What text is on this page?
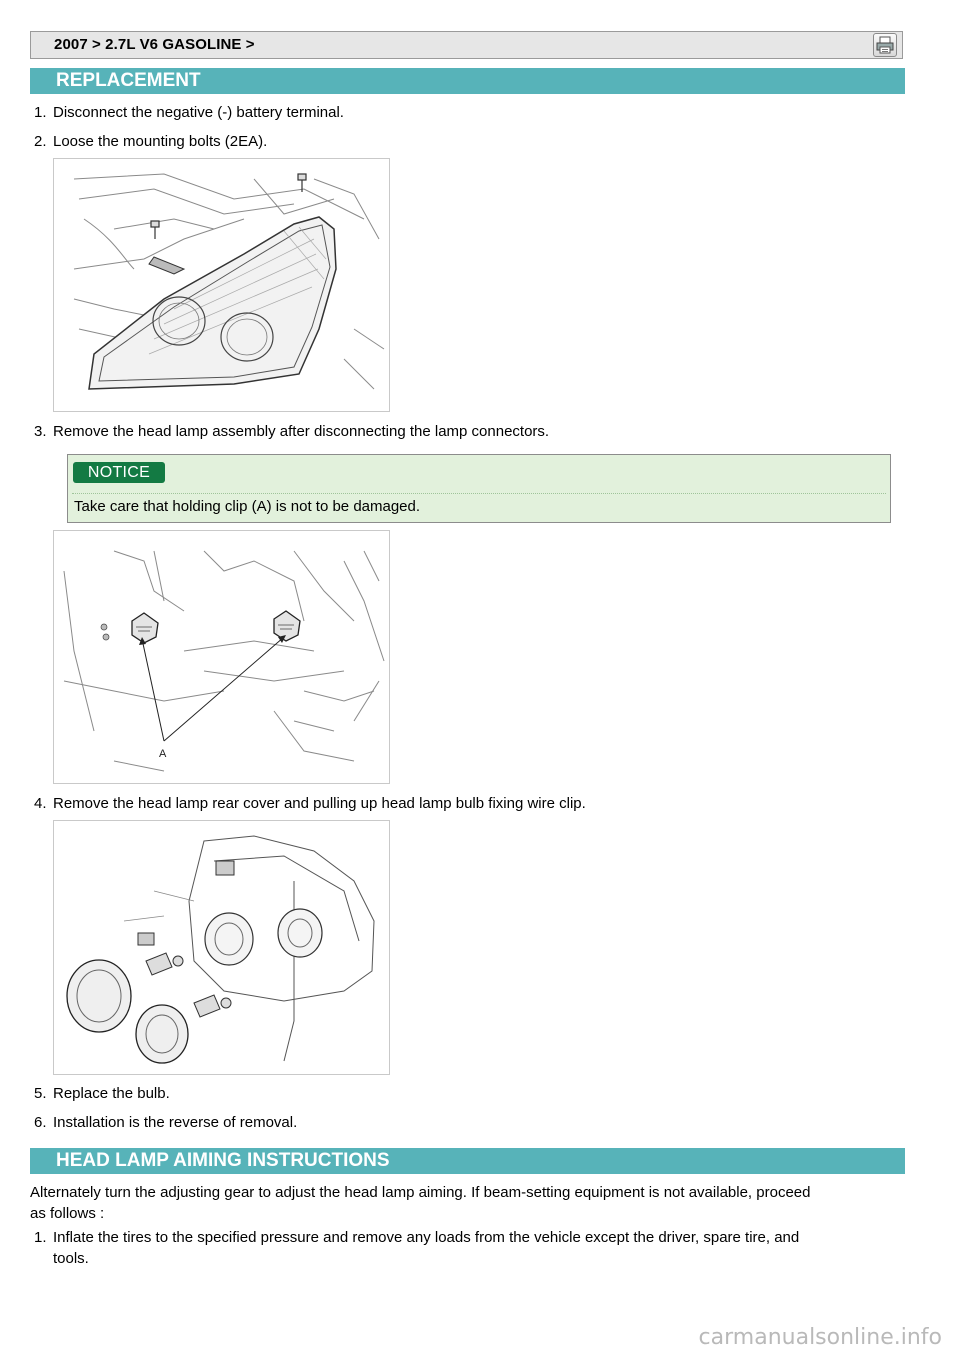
2007 > 2.7L V6 GASOLINE >
REPLACEMENT
1. Disconnect the negative (-) battery terminal.
2. Loose the mounting bolts (2EA).
3. Remove the head lamp assembly after disconnecting the lamp connectors.
NOTICE
Take care that holding clip (A) is not to be damaged.
A
4. Remove the head lamp rear cover and pulling up head lamp bulb fixing wire clip.
5. Replace the bulb.
6. Installation is the reverse of removal.
HEAD LAMP AIMING INSTRUCTIONS
Alternately turn the adjusting gear to adjust the head lamp aiming. If beam-setting equipment is not available, proceed
as follows :
1. Inflate the tires to the specified pressure and remove any loads from the vehicle except the driver, spare tire, and
tools.
carmanualsonline.info
